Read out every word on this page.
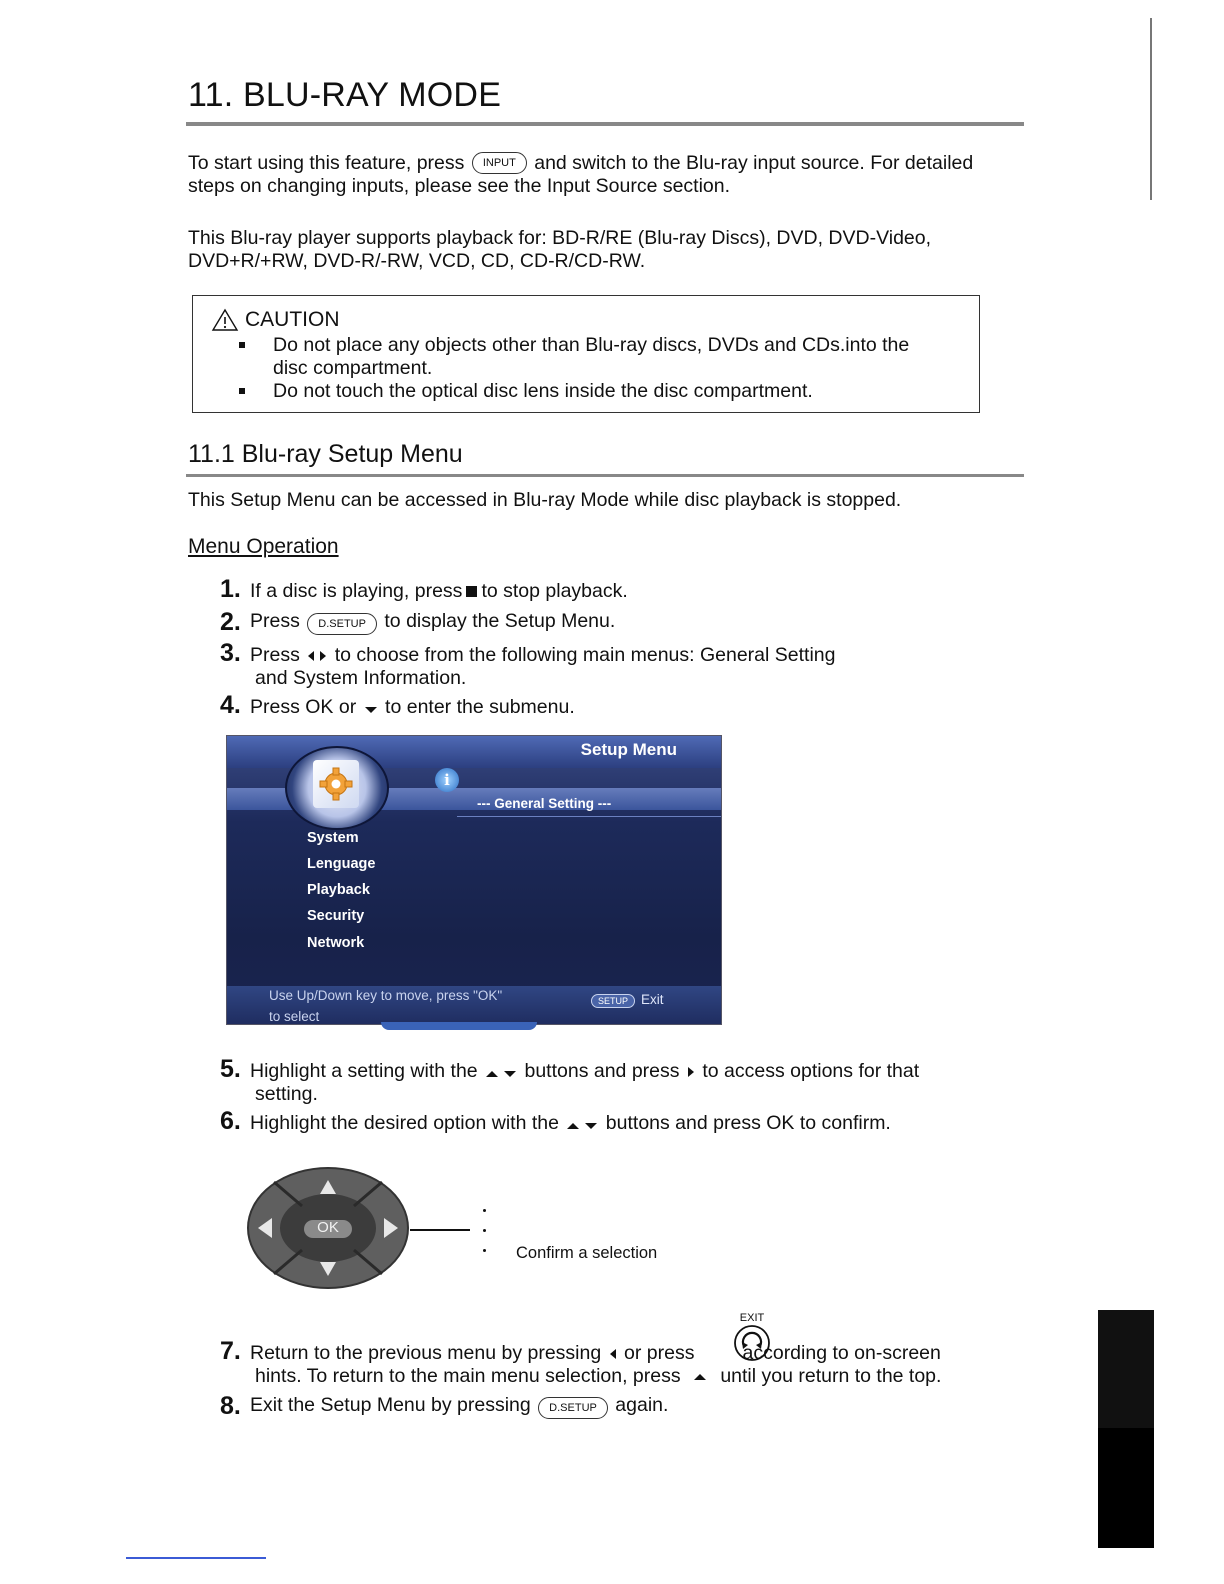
11. BLU-RAY MODE
To start using this feature, press INPUT and switch to the Blu-ray input source. For detailed
steps on changing inputs, please see the Input Source section.
This Blu-ray player supports playback for: BD-R/RE (Blu-ray Discs), DVD, DVD-Video,
DVD+R/+RW, DVD-R/-RW, VCD, CD, CD-R/CD-RW.
CAUTION
Do not place any objects other than Blu-ray discs, DVDs and CDs.into the
disc compartment.
Do not touch the optical disc lens inside the disc compartment.
11.1 Blu-ray Setup Menu
This Setup Menu can be accessed in Blu-ray Mode while disc playback is stopped.
Menu Operation
1. If a disc is playing, press to stop playback.
2. Press
	D.SETUP
to display the Setup Menu.
3. Press

to choose from the following main menus: General Setting
and System Information.
4. Press OK or

to enter the submenu.
Setup Menu
i
--- General Setting ---
System
Lenguage
Playback
Security
Network
Use Up/Down key to move, press "OK"
to select
SETUP Exit
5. Highlight a setting with the

buttons and press

to access options for that
setting.
6. Highlight the desired option with the

buttons and press OK to confirm.
OK
Confirm a selection
EXIT
7. Return to the previous menu by pressing

or press according to on-screen
hints. To return to the main menu selection, press until you return to the top.
8. Exit the Setup Menu by pressing
	D.SETUP
again.
